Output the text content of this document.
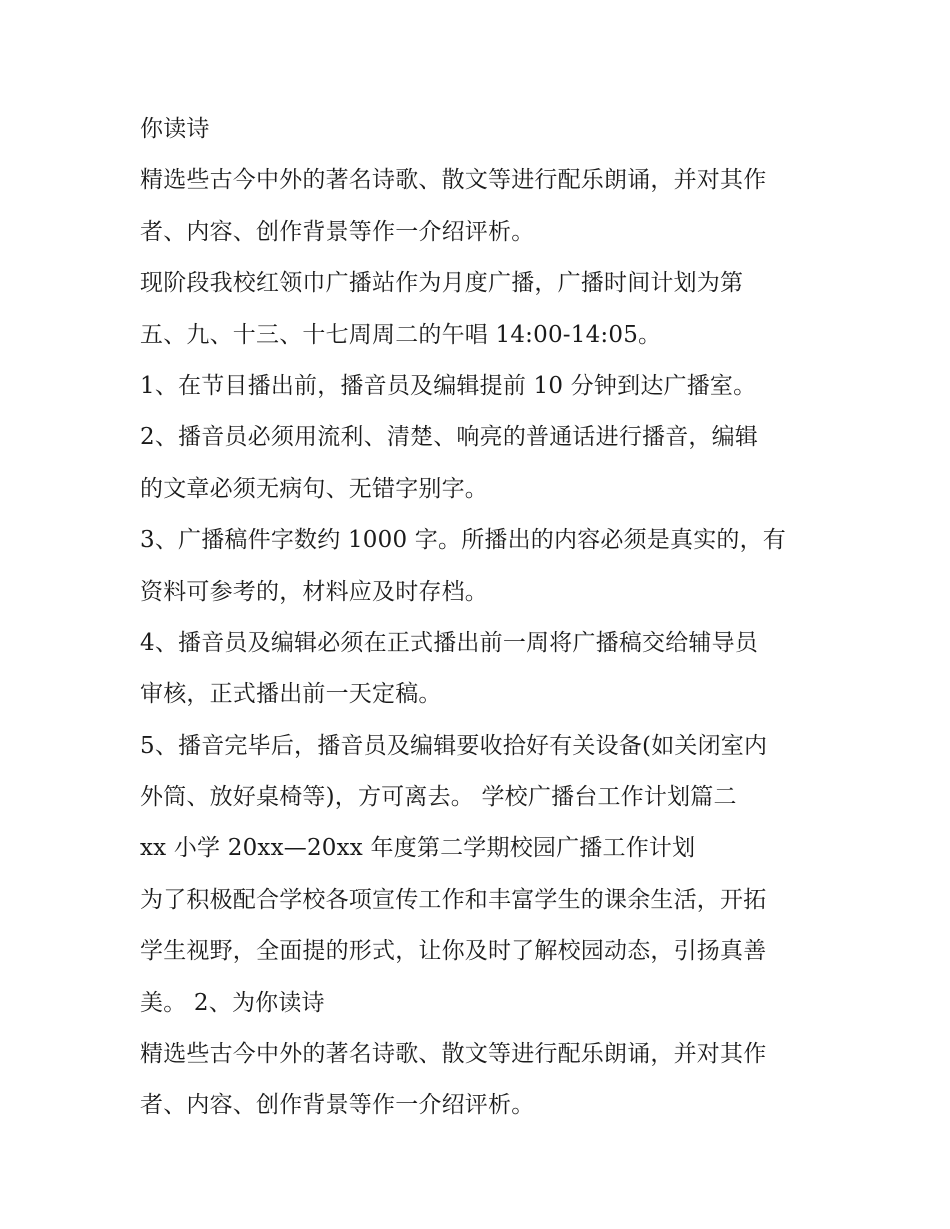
你读诗
精选些古今中外的著名诗歌、散文等进行配乐朗诵，并对其作
者、内容、创作背景等作一介绍评析。
现阶段我校红领巾广播站作为月度广播，广播时间计划为第
五、九、十三、十七周周二的午唱 14:00-14:05。
1、在节目播出前，播音员及编辑提前 10 分钟到达广播室。
2、播音员必须用流利、清楚、响亮的普通话进行播音，编辑
的文章必须无病句、无错字别字。
3、广播稿件字数约 1000 字。所播出的内容必须是真实的，有
资料可参考的，材料应及时存档。
4、播音员及编辑必须在正式播出前一周将广播稿交给辅导员
审核，正式播出前一天定稿。
5、播音完毕后，播音员及编辑要收拾好有关设备(如关闭室内
外筒、放好桌椅等)，方可离去。 学校广播台工作计划篇二
xx 小学 20xx—20xx 年度第二学期校园广播工作计划
为了积极配合学校各项宣传工作和丰富学生的课余生活，开拓
学生视野，全面提的形式，让你及时了解校园动态，引扬真善
美。 2、为你读诗
精选些古今中外的著名诗歌、散文等进行配乐朗诵，并对其作
者、内容、创作背景等作一介绍评析。
